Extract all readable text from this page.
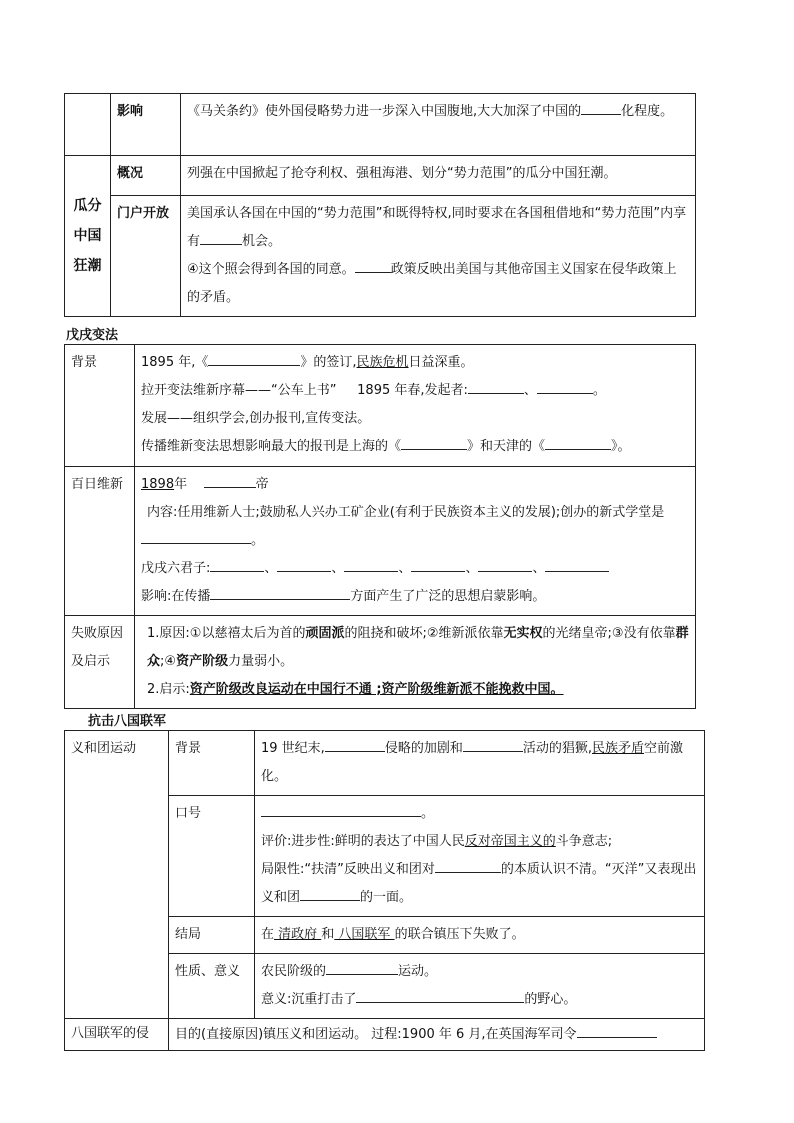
	影响	《马关条约》使外国侵略势力进一步深入中国腹地,大大加深了中国的 化程度。
瓜分中国狂潮	概况	列强在中国掀起了抢夺利权、强租海港、划分“势力范围”的瓜分中国狂潮。
	门户开放	美国承认各国在中国的“势力范围”和既得特权,同时要求在各国租借地和“势力范围”内享有 机会。
④这个照会得到各国的同意。 政策反映出美国与其他帝国主义国家在侵华政策上的矛盾。
戊戌变法
背景	1895 年,《 》的签订,民族危机日益深重。
拉开变法维新序幕——“公车上书” 1895 年春,发起者: 、 。
发展——组织学会,创办报刊,宣传变法。
传播维新变法思想影响最大的报刊是上海的《 》和天津的《 》。
百日维新	1898年 帝
内容:任用维新人士;鼓励私人兴办工矿企业(有利于民族资本主义的发展);创办的新式学堂是。
戊戌六君子: 、 、 、 、 、
影响:在传播 方面产生了广泛的思想启蒙影响。
失败原因及启示	1.原因:①以慈禧太后为首的顽固派的阻挠和破坏;②维新派依靠无实权的光绪皇帝;③没有依靠群众;④资产阶级力量弱小。
2.启示:资产阶级改良运动在中国行不通 ;资产阶级维新派不能挽救中国。
抗击八国联军
义和团运动	背景	19 世纪末, 侵略的加剧和 活动的猖獗,民族矛盾空前激化。
	口号	。
评价:进步性:鲜明的表达了中国人民反对帝国主义的斗争意志;
局限性:“扶清”反映出义和团对 的本质认识不清。“灭洋”又表现出义和团 的一面。
	结局	在 清政府 和 八国联军 的联合镇压下失败了。
	性质、意义	农民阶级的 运动。
意义:沉重打击了 的野心。
八国联军的侵	目的(直接原因)镇压义和团运动。 过程:1900 年 6 月,在英国海军司令	
